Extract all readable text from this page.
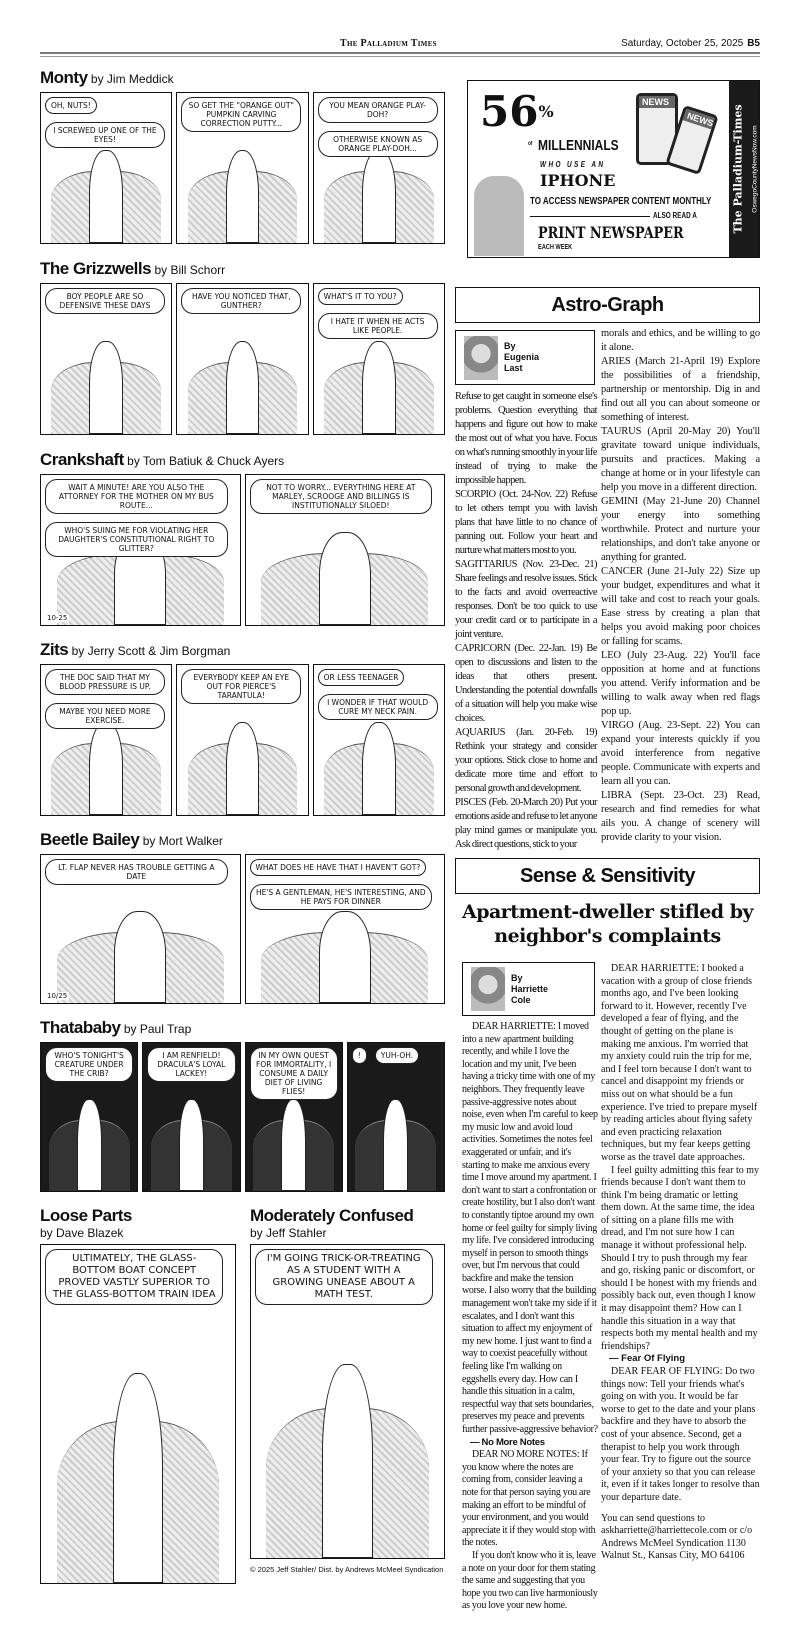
The Palladium Times	Saturday, October 25, 2025 B5
Monty by Jim Meddick
OH, NUTS!I SCREWED UP ONE OF THE EYES!
SO GET THE "ORANGE OUT" PUMPKIN CARVING CORRECTION PUTTY...
YOU MEAN ORANGE PLAY-DOH?OTHERWISE KNOWN AS ORANGE PLAY-DOH...
The Grizzwells by Bill Schorr
BOY PEOPLE ARE SO DEFENSIVE THESE DAYS
HAVE YOU NOTICED THAT, GUNTHER?
WHAT'S IT TO YOU?I HATE IT WHEN HE ACTS LIKE PEOPLE.
Crankshaft by Tom Batiuk & Chuck Ayers
WAIT A MINUTE! ARE YOU ALSO THE ATTORNEY FOR THE MOTHER ON MY BUS ROUTE...WHO'S SUING ME FOR VIOLATING HER DAUGHTER'S CONSTITUTIONAL RIGHT TO GLITTER?
10-25
NOT TO WORRY... EVERYTHING HERE AT MARLEY, SCROOGE AND BILLINGS IS INSTITUTIONALLY SILOED!
Zits by Jerry Scott & Jim Borgman
THE DOC SAID THAT MY BLOOD PRESSURE IS UP.MAYBE YOU NEED MORE EXERCISE.
EVERYBODY KEEP AN EYE OUT FOR PIERCE'S TARANTULA!
OR LESS TEENAGERI WONDER IF THAT WOULD CURE MY NECK PAIN.
Beetle Bailey by Mort Walker
LT. FLAP NEVER HAS TROUBLE GETTING A DATE
10/25
WHAT DOES HE HAVE THAT I HAVEN'T GOT?HE'S A GENTLEMAN, HE'S INTERESTING, AND HE PAYS FOR DINNER
Thatababy by Paul Trap
WHO'S TONIGHT'S CREATURE UNDER THE CRIB?
I AM RENFIELD! DRACULA'S LOYAL LACKEY!
IN MY OWN QUEST FOR IMMORTALITY, I CONSUME A DAILY DIET OF LIVING FLIES!
!	YUH-OH.
Loose Parts
by Dave Blazek
ULTIMATELY, THE GLASS-BOTTOM BOAT CONCEPT PROVED VASTLY SUPERIOR TO THE GLASS-BOTTOM TRAIN IDEA
Moderately Confused
by Jeff Stahler
I'M GOING TRICK-OR-TREATING AS A STUDENT WITH A GROWING UNEASE ABOUT A MATH TEST.
© 2025 Jeff Stahler/ Dist. by Andrews McMeel Syndication
NEWS
NEWS
56%
of MILLENNIALS
WHO USE AN
IPHONE
TO ACCESS NEWSPAPER CONTENT MONTHLY
ALSO READ A
PRINT NEWSPAPER
EACH WEEK
The Palladium-Times OswegoCountyNewsNow.com
Astro-Graph
By
Eugenia
Last

Refuse to get caught in someone else's problems. Question everything that happens and figure out how to make the most out of what you have. Focus on what's running smoothly in your life instead of trying to make the impossible happen.

SCORPIO (Oct. 24-Nov. 22) Refuse to let others tempt you with lavish plans that have little to no chance of panning out. Follow your heart and nurture what matters most to you.

SAGITTARIUS (Nov. 23-Dec. 21) Share feelings and resolve issues. Stick to the facts and avoid overreactive responses. Don't be too quick to use your credit card or to participate in a joint venture.

CAPRICORN (Dec. 22-Jan. 19) Be open to discussions and listen to the ideas that others present. Understanding the potential downfalls of a situation will help you make wise choices.

AQUARIUS (Jan. 20-Feb. 19) Rethink your strategy and consider your options. Stick close to home and dedicate more time and effort to personal growth and development.

PISCES (Feb. 20-March 20) Put your emotions aside and refuse to let anyone play mind games or manipulate you. Ask direct questions, stick to your

morals and ethics, and be willing to go it alone.

ARIES (March 21-April 19) Explore the possibilities of a friendship, partnership or mentorship. Dig in and find out all you can about someone or something of interest.

TAURUS (April 20-May 20) You'll gravitate toward unique individuals, pursuits and practices. Making a change at home or in your lifestyle can help you move in a different direction.

GEMINI (May 21-June 20) Channel your energy into something worthwhile. Protect and nurture your relationships, and don't take anyone or anything for granted.

CANCER (June 21-July 22) Size up your budget, expenditures and what it will take and cost to reach your goals. Ease stress by creating a plan that helps you avoid making poor choices or falling for scams.

LEO (July 23-Aug. 22) You'll face opposition at home and at functions you attend. Verify information and be willing to walk away when red flags pop up.

VIRGO (Aug. 23-Sept. 22) You can expand your interests quickly if you avoid interference from negative people. Communicate with experts and learn all you can.

LIBRA (Sept. 23-Oct. 23) Read, research and find remedies for what ails you. A change of scenery will provide clarity to your vision.

Sense & Sensitivity
Apartment-dweller stifled by neighbor's complaints
By
Harriette
Cole

DEAR HARRIETTE: I moved into a new apartment building recently, and while I love the location and my unit, I've been having a tricky time with one of my neighbors. They frequently leave passive-aggressive notes about noise, even when I'm careful to keep my music low and avoid loud activities. Sometimes the notes feel exaggerated or unfair, and it's starting to make me anxious every time I move around my apartment. I don't want to start a confrontation or create hostility, but I also don't want to constantly tiptoe around my own home or feel guilty for simply living my life. I've considered introducing myself in person to smooth things over, but I'm nervous that could backfire and make the tension worse. I also worry that the building management won't take my side if it escalates, and I don't want this situation to affect my enjoyment of my new home. I just want to find a way to coexist peacefully without feeling like I'm walking on eggshells every day. How can I handle this situation in a calm, respectful way that sets boundaries, preserves my peace and prevents further passive-aggressive behavior?

— No More Notes

DEAR NO MORE NOTES: If you know where the notes are coming from, consider leaving a note for that person saying you are making an effort to be mindful of your environment, and you would appreciate it if they would stop with the notes.

If you don't know who it is, leave a note on your door for them stating the same and suggesting that you hope you two can live harmoniously as you love your new home.

DEAR HARRIETTE: I booked a vacation with a group of close friends months ago, and I've been looking forward to it. However, recently I've developed a fear of flying, and the thought of getting on the plane is making me anxious. I'm worried that my anxiety could ruin the trip for me, and I feel torn because I don't want to cancel and disappoint my friends or miss out on what should be a fun experience. I've tried to prepare myself by reading articles about flying safety and even practicing relaxation techniques, but my fear keeps getting worse as the travel date approaches.

I feel guilty admitting this fear to my friends because I don't want them to think I'm being dramatic or letting them down. At the same time, the idea of sitting on a plane fills me with dread, and I'm not sure how I can manage it without professional help. Should I try to push through my fear and go, risking panic or discomfort, or should I be honest with my friends and possibly back out, even though I know it may disappoint them? How can I handle this situation in a way that respects both my mental health and my friendships?

— Fear Of Flying

DEAR FEAR OF FLYING: Do two things now: Tell your friends what's going on with you. It would be far worse to get to the date and your plans backfire and they have to absorb the cost of your absence. Second, get a therapist to help you work through your fear. Try to figure out the source of your anxiety so that you can release it, even if it takes longer to resolve than your departure date.

You can send questions to askharriette@harriettecole.com or c/o Andrews McMeel Syndication 1130 Walnut St., Kansas City, MO 64106
